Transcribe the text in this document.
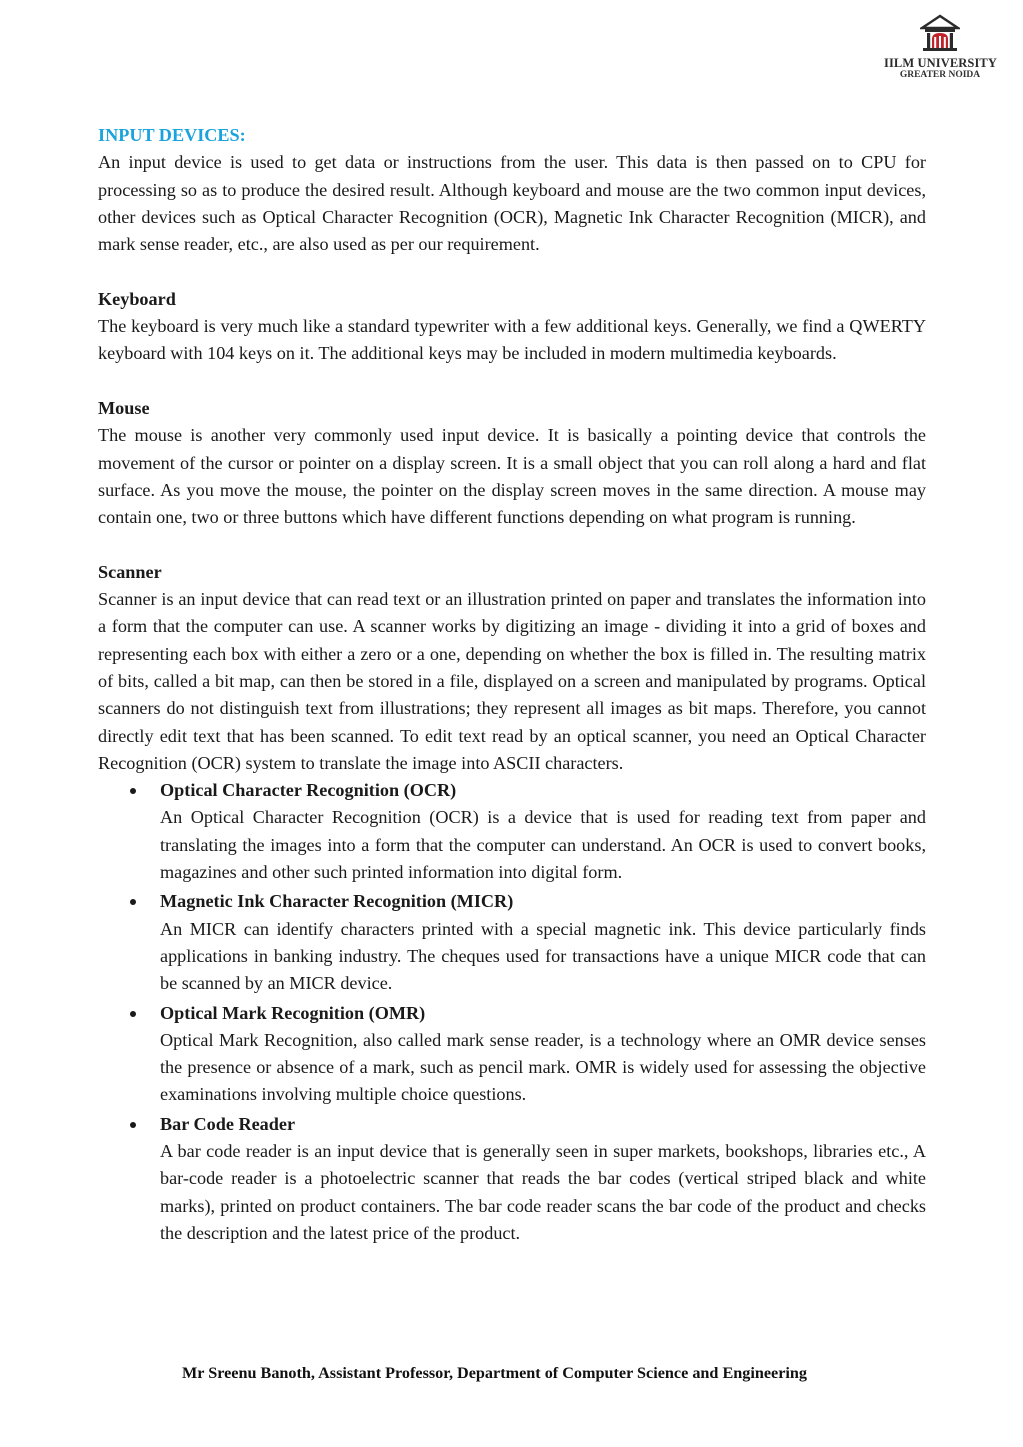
IILM UNIVERSITY
GREATER NOIDA
INPUT DEVICES:

An input device is used to get data or instructions from the user. This data is then passed on to CPU for processing so as to produce the desired result. Although keyboard and mouse are the two common input devices, other devices such as Optical Character Recognition (OCR), Magnetic Ink Character Recognition (MICR), and mark sense reader, etc., are also used as per our requirement.

Keyboard

The keyboard is very much like a standard typewriter with a few additional keys. Generally, we find a QWERTY keyboard with 104 keys on it. The additional keys may be included in modern multimedia keyboards.

Mouse

The mouse is another very commonly used input device. It is basically a pointing device that controls the movement of the cursor or pointer on a display screen. It is a small object that you can roll along a hard and flat surface. As you move the mouse, the pointer on the display screen moves in the same direction. A mouse may contain one, two or three buttons which have different functions depending on what program is running.

Scanner

Scanner is an input device that can read text or an illustration printed on paper and translates the information into a form that the computer can use. A scanner works by digitizing an image - dividing it into a grid of boxes and representing each box with either a zero or a one, depending on whether the box is filled in. The resulting matrix of bits, called a bit map, can then be stored in a file, displayed on a screen and manipulated by programs. Optical scanners do not distinguish text from illustrations; they represent all images as bit maps. Therefore, you cannot directly edit text that has been scanned. To edit text read by an optical scanner, you need an Optical Character Recognition (OCR) system to translate the image into ASCII characters.

Optical Character Recognition (OCR)

An Optical Character Recognition (OCR) is a device that is used for reading text from paper and translating the images into a form that the computer can understand. An OCR is used to convert books, magazines and other such printed information into digital form.

Magnetic Ink Character Recognition (MICR)

An MICR can identify characters printed with a special magnetic ink. This device particularly finds applications in banking industry. The cheques used for transactions have a unique MICR code that can be scanned by an MICR device.

Optical Mark Recognition (OMR)

Optical Mark Recognition, also called mark sense reader, is a technology where an OMR device senses the presence or absence of a mark, such as pencil mark. OMR is widely used for assessing the objective examinations involving multiple choice questions.

Bar Code Reader

A bar code reader is an input device that is generally seen in super markets, bookshops, libraries etc., A bar-code reader is a photoelectric scanner that reads the bar codes (vertical striped black and white marks), printed on product containers. The bar code reader scans the bar code of the product and checks the description and the latest price of the product.

Mr Sreenu Banoth, Assistant Professor, Department of Computer Science and Engineering
